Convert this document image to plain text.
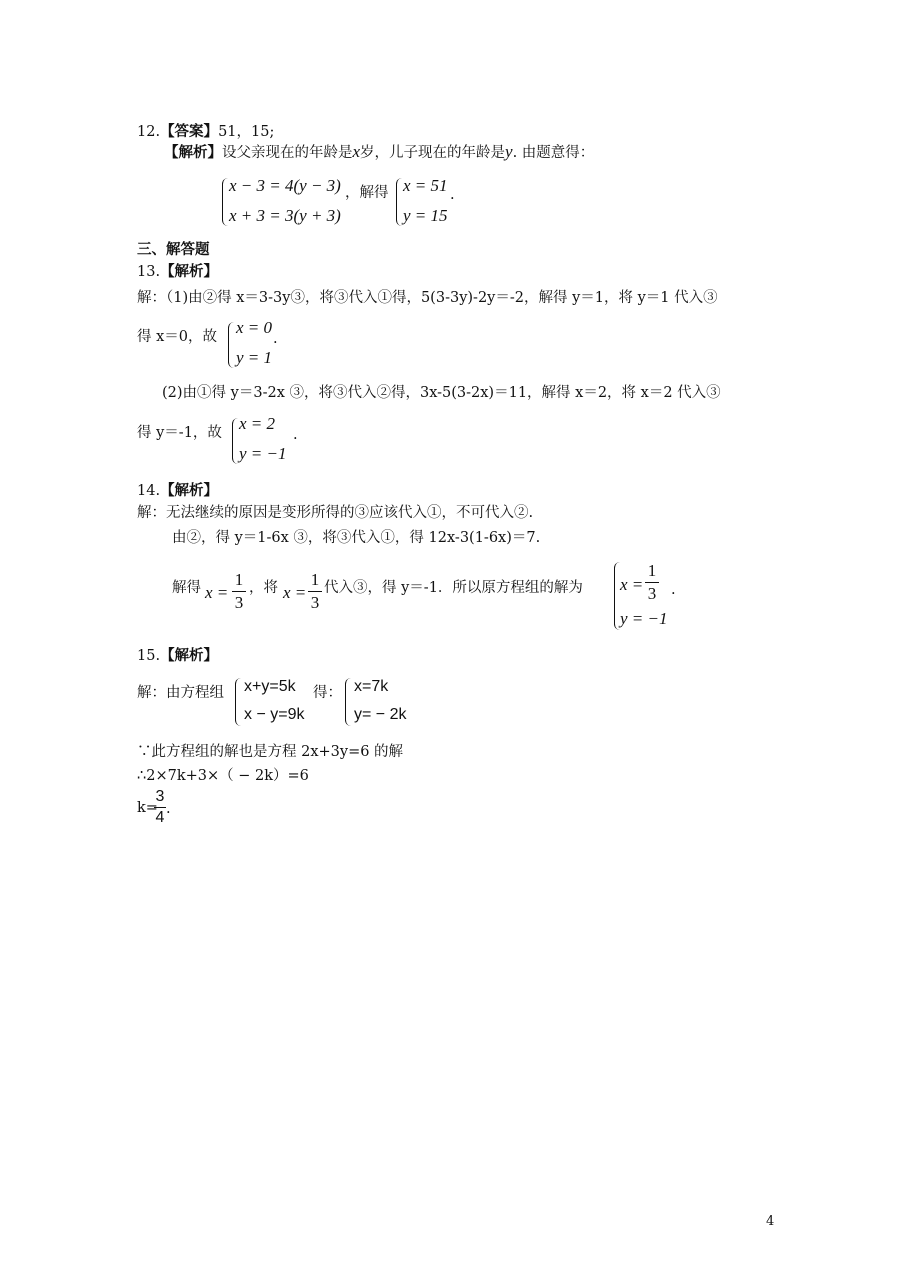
12.【答案】51，15;
【解析】设父亲现在的年龄是x岁，儿子现在的年龄是y. 由题意得：
x − 3 = 4(y − 3)
x + 3 = 3(y + 3)
，解得 x = 51
y = 15
.
三、解答题
13.【解析】
解：（1)由②得 x＝3-3y③，将③代入①得，5(3-3y)-2y＝-2，解得 y＝1，将 y＝1 代入③
得 x＝0，故 x = 0
y = 1
.
(2)由①得 y＝3-2x ③，将③代入②得，3x-5(3-2x)＝11，解得 x＝2，将 x＝2 代入③
得 y＝-1，故 x = 2
y = −1
.
14.【解析】
解：无法继续的原因是变形所得的③应该代入①，不可代入②.
由②，得 y＝1-6x ③，将③代入①，得 12x-3(1-6x)＝7.
解得 x =
1
3
，将 x =
1
3
代入③，得 y＝-1．所以原方程组的解为 x =
1
3
y = −1
.
15.【解析】
解：由方程组 x+y=5k
x − y=9k
得： x=7k
y= − 2k
∵此方程组的解也是方程 2x+3y=6 的解
∴2×7k+3×（ − 2k）=6
k=
3
4 .
4
